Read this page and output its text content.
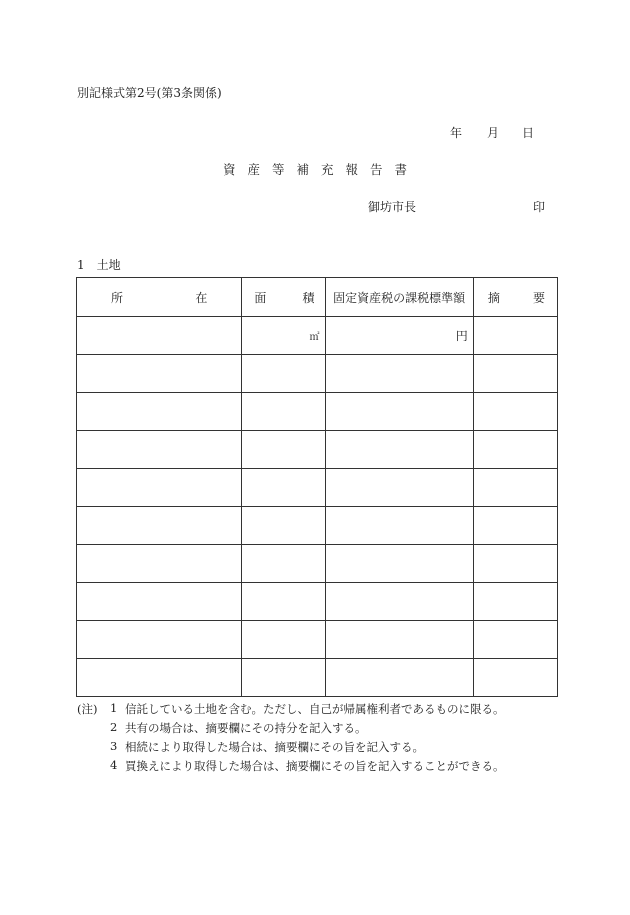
別記様式第2号(第3条関係)
年 月 日
資産等補充報告書
御坊市長	印
1 土地
所 在	面 積	固定資産税の課税標準額	摘 要

	㎡	円	

(注)	1 信託している土地を含む。ただし、自己が帰属権利者であるものに限る。
2 共有の場合は、摘要欄にその持分を記入する。
3 相続により取得した場合は、摘要欄にその旨を記入する。
4 買換えにより取得した場合は、摘要欄にその旨を記入することができる。
